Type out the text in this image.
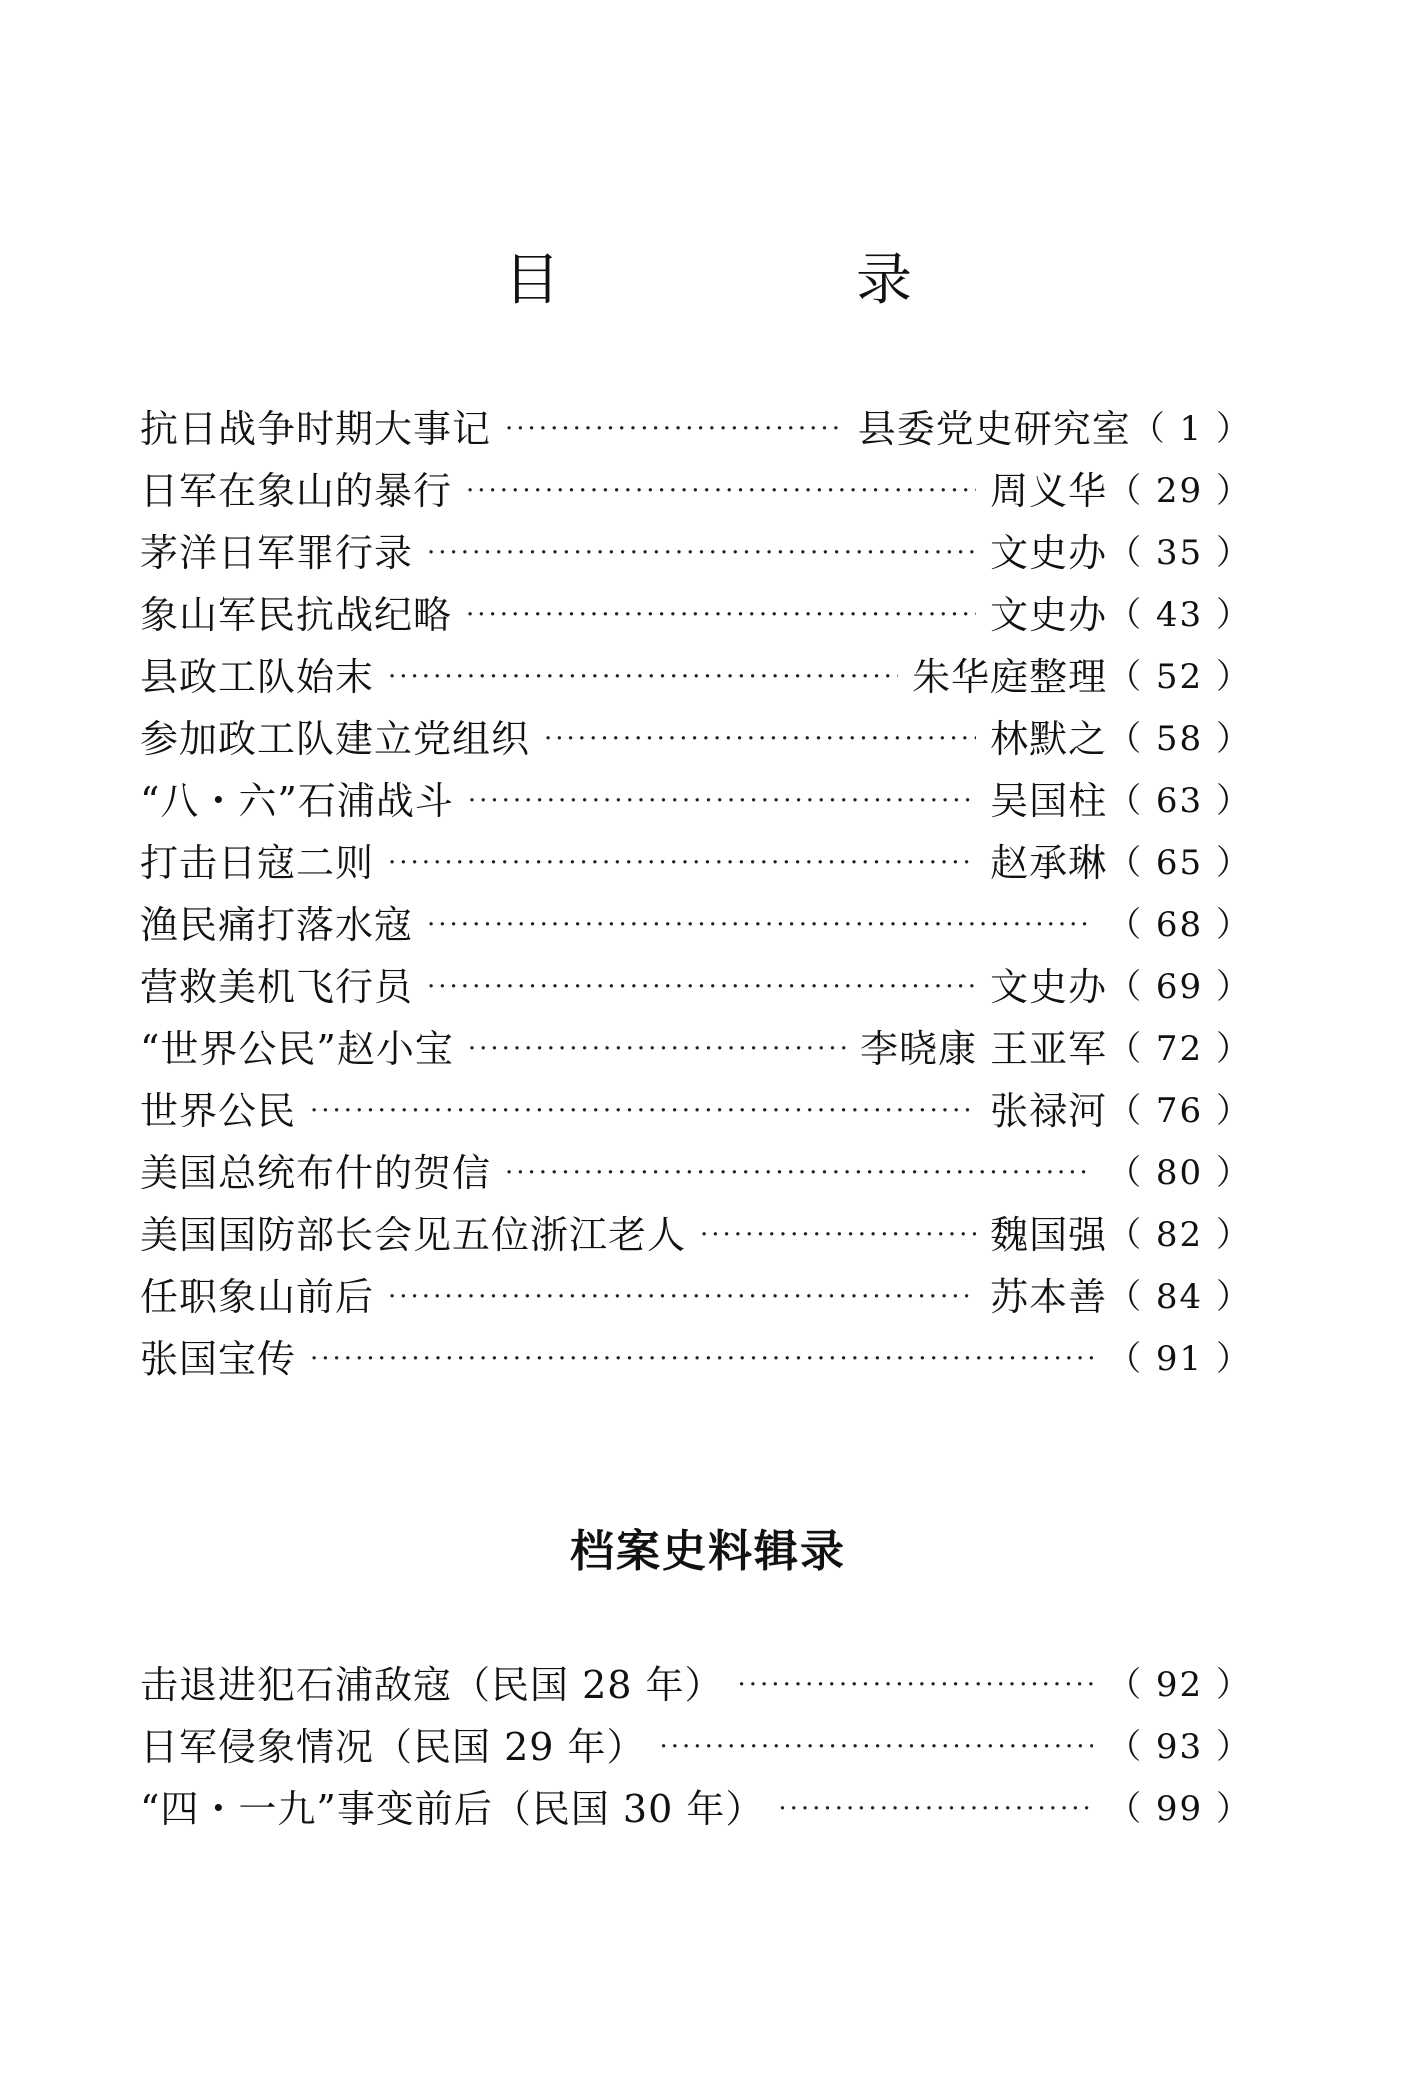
目　录
抗日战争时期大事记 ·····	县委党史研究室 （ 1 ）
日军在象山的暴行 ·····	周义华 （ 29 ）
茅洋日军罪行录 ·····	文史办 （ 35 ）
象山军民抗战纪略 ·····	文史办 （ 43 ）
县政工队始末 ·····	朱华庭整理 （ 52 ）
参加政工队建立党组织 ·····	林默之 （ 58 ）
“八・六”石浦战斗 ·····	吴国柱 （ 63 ）
打击日寇二则 ·····	赵承琳 （ 65 ）
渔民痛打落水寇 ·····	（ 68 ）
营救美机飞行员 ·····	文史办 （ 69 ）
“世界公民”赵小宝 ·····	李晓康 王亚军 （ 72 ）
世界公民 ·····	张禄河 （ 76 ）
美国总统布什的贺信 ·····	（ 80 ）
美国国防部长会见五位浙江老人 ·····	魏国强 （ 82 ）
任职象山前后 ·····	苏本善 （ 84 ）
张国宝传 ·····	（ 91 ）
档案史料辑录
击退进犯石浦敌寇（民国 28 年） ·····	（ 92 ）
日军侵象情况（民国 29 年） ·····	（ 93 ）
“四・一九”事变前后（民国 30 年） ·····	（ 99 ）
